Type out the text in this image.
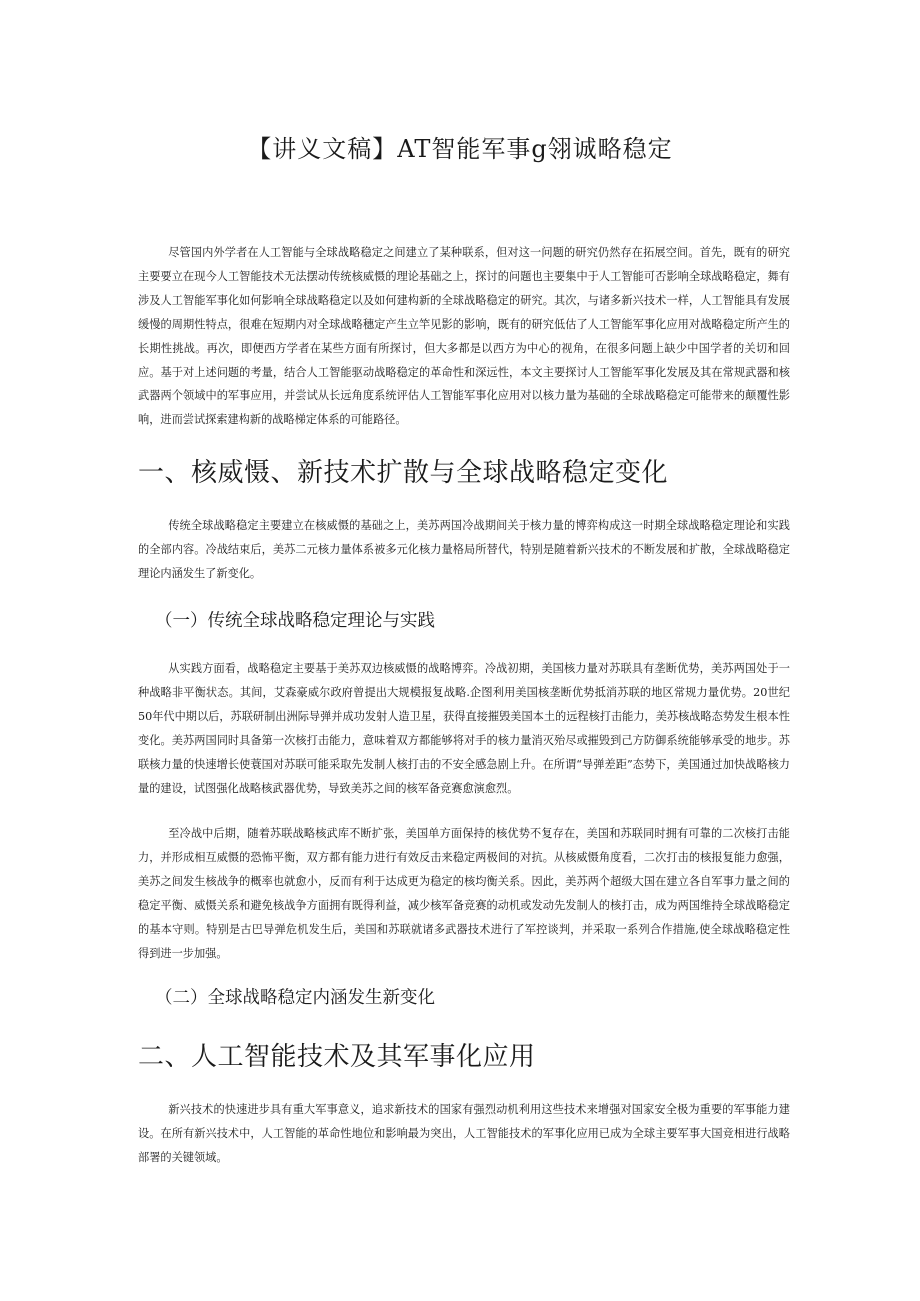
【讲义文稿】AT智能军事g翎诚略稳定

尽管国内外学者在人工智能与全球战略稳定之间建立了某种联系，但对这一问题的研究仍然存在拓展空间。首先，既有的研究主要要立在现今人工智能技术无法摆动传统核威慑的理论基础之上，探讨的问题也主要集中于人工智能可否影响全球战略稳定，舞有涉及人工智能军事化如何影响全球战略稳定以及如何建构新的全球战略稳定的研究。其次，与诸多新兴技术一样，人工智能具有发展缓慢的周期性特点，很难在短期内对全球战略穗定产生立竿见影的影响，既有的研究低估了人工智能军事化应用对战略稳定所产生的长期性挑战。再次，即便西方学者在某些方面有所探讨，但大多都是以西方为中心的视角，在很多问题上缺少中国学者的关切和回应。基于对上述问题的考量，结合人工智能驱动战略稳定的革命性和深远性，本文主要探讨人工智能军事化发展及其在常规武器和核武器两个领域中的军事应用，并尝试从长远角度系统评估人工智能军事化应用对以核力量为基础的全球战略稳定可能带来的颠覆性影响，进而尝试探索建构新的战略梯定体系的可能路径。

一、核威慑、新技术扩散与全球战略稳定变化

传统全球战略稳定主要建立在核威慑的基础之上，美苏两国冷战期间关于核力量的博弈构成这一时期全球战略稳定理论和实践的全部内容。冷战结束后，美苏二元核力量体系被多元化核力量格局所替代，特别是随着新兴技术的不断发展和扩散，全球战略稳定理论内涵发生了新变化。

（一）传统全球战略稳定理论与实践

从实践方面看，战略稳定主要基于美苏双边核威慑的战略博弈。冷战初期，美国核力量对苏联具有垄断优势，美苏两国处于一种战略非平衡状态。其间，艾森豪威尔政府曾提出大规模报复战略.企图利用美国核垄断优势抵消苏联的地区常规力量优势。20世纪50年代中期以后，苏联研制出洲际导弹并成功发射人造卫星，获得直接摧毁美国本土的远程核打击能力，美苏核战略态势发生根本性变化。美苏两国同时具备第一次核打击能力，意味着双方都能够将对手的核力量消灭殆尽或摧毁到己方防御系统能够承受的地步。苏联核力量的快速增长使蓑国对苏联可能采取先发制人核打击的不安全感急剧上升。在所谓“导弹差距”态势下，美国通过加快战略核力量的建设，试图强化战略核武器优势，导致美苏之间的核军备竞赛愈演愈烈。

至冷战中后期，随着苏联战略核武库不断扩张，美国单方面保持的核优势不复存在，美国和苏联同时拥有可靠的二次核打击能力，并形成相互威慑的恐怖平衡，双方都有能力进行有效反击来稳定两极间的对抗。从核威慑角度看，二次打击的核报复能力愈强，美苏之间发生核战争的概率也就愈小，反而有利于达成更为稳定的核均衡关系。因此，美苏两个超级大国在建立各自军事力量之间的稳定平衡、威慑关系和避免核战争方面拥有既得利益，减少核军备竞赛的动机或发动先发制人的核打击，成为两国维持全球战略稳定的基本守则。特别是古巴导弹危机发生后，美国和苏联就诸多武器技术进行了军控谈判，并采取一系列合作措施,使全球战略稳定性得到进一步加强。

（二）全球战略稳定内涵发生新变化
二、人工智能技术及其军事化应用

新兴技术的快速进步具有重大军事意义，追求新技术的国家有强烈动机利用这些技术来增强对国家安全极为重要的军事能力建设。在所有新兴技术中，人工智能的革命性地位和影响最为突出，人工智能技术的军事化应用已成为全球主要军事大国竞相进行战略部署的关键领域。
